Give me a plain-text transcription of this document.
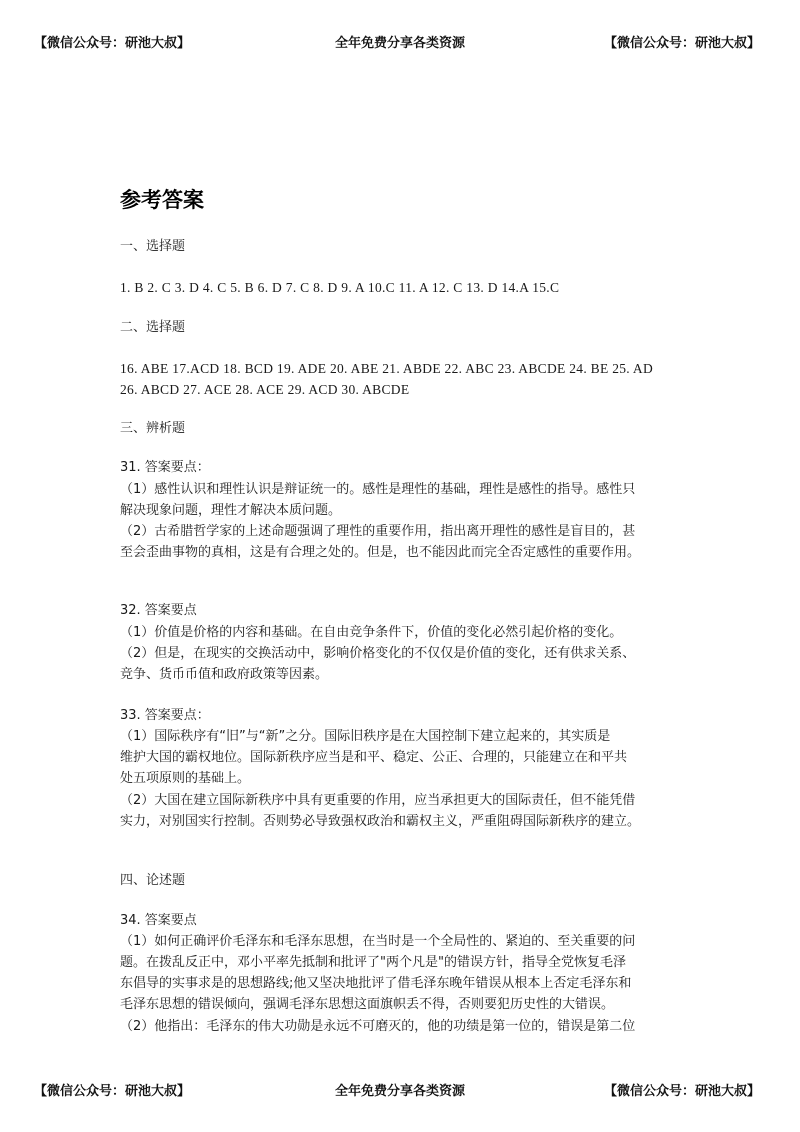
【微信公众号：研池大叔】	全年免费分享各类资源	【微信公众号：研池大叔】
参考答案
一、选择题
1. B 2. C 3. D 4. C 5. B 6. D 7. C 8. D 9. A 10.C 11. A 12. C 13. D 14.A 15.C
二、选择题
16. ABE 17.ACD 18. BCD 19. ADE 20. ABE 21. ABDE 22. ABC 23. ABCDE 24. BE 25. AD
26. ABCD 27. ACE 28. ACE 29. ACD 30. ABCDE
三、辨析题
31. 答案要点：
（1）感性认识和理性认识是辩证统一的。感性是理性的基础，理性是感性的指导。感性只
解决现象问题，理性才解决本质问题。
（2）古希腊哲学家的上述命题强调了理性的重要作用，指出离开理性的感性是盲目的，甚
至会歪曲事物的真相，这是有合理之处的。但是，也不能因此而完全否定感性的重要作用。
32. 答案要点
（1）价值是价格的内容和基础。在自由竞争条件下，价值的变化必然引起价格的变化。
（2）但是，在现实的交换活动中，影响价格变化的不仅仅是价值的变化，还有供求关系、
竞争、货币币值和政府政策等因素。
33. 答案要点：
（1）国际秩序有“旧”与“新”之分。国际旧秩序是在大国控制下建立起来的，其实质是
维护大国的霸权地位。国际新秩序应当是和平、稳定、公正、合理的，只能建立在和平共
处五项原则的基础上。
（2）大国在建立国际新秩序中具有更重要的作用，应当承担更大的国际责任，但不能凭借
实力，对别国实行控制。否则势必导致强权政治和霸权主义，严重阻碍国际新秩序的建立。
四、论述题
34. 答案要点
（1）如何正确评价毛泽东和毛泽东思想，在当时是一个全局性的、紧迫的、至关重要的问
题。在拨乱反正中，邓小平率先抵制和批评了"两个凡是"的错误方针，指导全党恢复毛泽
东倡导的实事求是的思想路线;他又坚决地批评了借毛泽东晚年错误从根本上否定毛泽东和
毛泽东思想的错误倾向，强调毛泽东思想这面旗帜丢不得，否则要犯历史性的大错误。
（2）他指出：毛泽东的伟大功勋是永远不可磨灭的，他的功绩是第一位的，错误是第二位
【微信公众号：研池大叔】	全年免费分享各类资源	【微信公众号：研池大叔】
